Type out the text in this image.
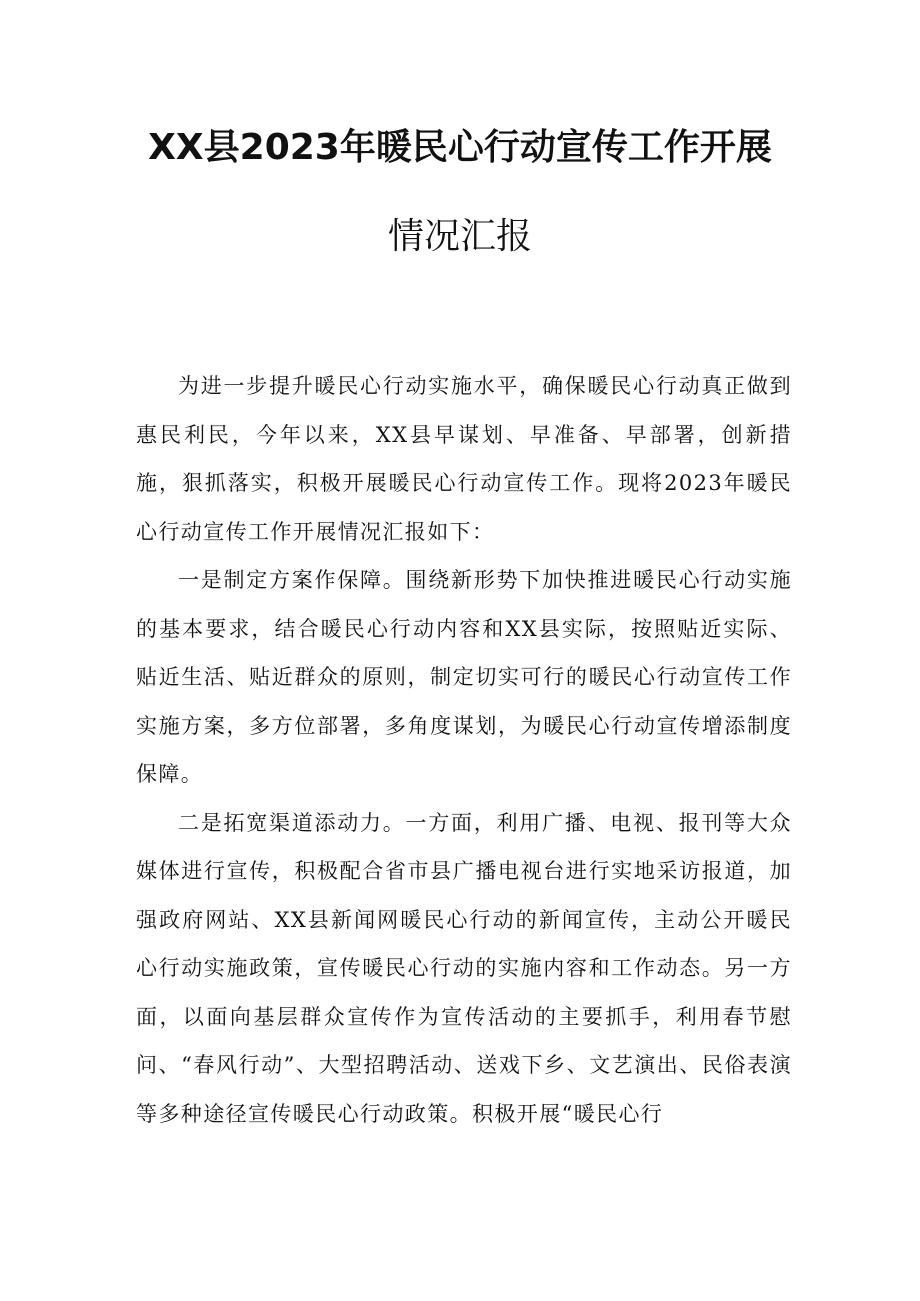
XX县2023年暖民心行动宣传工作开展
情况汇报

为进一步提升暖民心行动实施水平，确保暖民心行动真正做到惠民利民，今年以来，XX县早谋划、早准备、早部署，创新措施，狠抓落实，积极开展暖民心行动宣传工作。现将2023年暖民心行动宣传工作开展情况汇报如下：

一是制定方案作保障。围绕新形势下加快推进暖民心行动实施的基本要求，结合暖民心行动内容和XX县实际，按照贴近实际、贴近生活、贴近群众的原则，制定切实可行的暖民心行动宣传工作实施方案，多方位部署，多角度谋划，为暖民心行动宣传增添制度保障。

二是拓宽渠道添动力。一方面，利用广播、电视、报刊等大众媒体进行宣传，积极配合省市县广播电视台进行实地采访报道，加强政府网站、XX县新闻网暖民心行动的新闻宣传，主动公开暖民心行动实施政策，宣传暖民心行动的实施内容和工作动态。另一方面，以面向基层群众宣传作为宣传活动的主要抓手，利用春节慰问、“春风行动”、大型招聘活动、送戏下乡、文艺演出、民俗表演等多种途径宣传暖民心行动政策。积极开展“暖民心行
